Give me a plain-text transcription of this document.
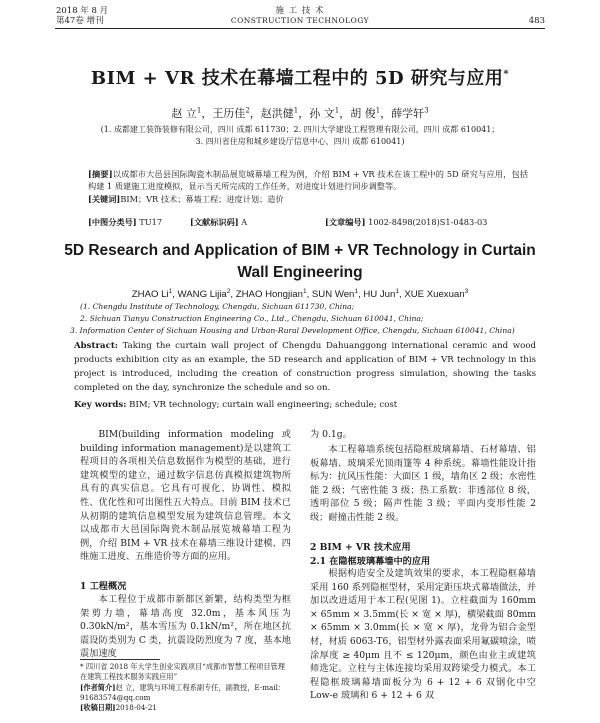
2018 年 8 月
第47卷 增刊
施 工 技 术
CONSTRUCTION TECHNOLOGY	483
BIM + VR 技术在幕墙工程中的 5D 研究与应用*
赵 立$^1$，王历佳$^2$，赵洪健$^1$，孙 文$^1$，胡 俊$^1$，薛学轩$^3$
(1. 成都建工装饰装修有限公司，四川 成都 611730；2. 四川大学建设工程管理有限公司，四川 成都 610041；
3. 四川省住房和城乡建设厅信息中心，四川 成都 610041)
[摘要]以成都市大邑县国际陶瓷木制品展览城幕墙工程为例，介绍 BIM + VR 技术在该工程中的 5D 研究与应用，包括构建 1 质建施工进度模拟，显示当天所完成的工作任务，对进度计划进行同步调整等。
[关键词]BIM；VR 技术；幕墙工程；进度计划；造价
[中图分类号] TU17	[文献标识码] A	[文章编号] 1002-8498(2018)S1-0483-03
5D Research and Application of BIM + VR Technology in Curtain Wall Engineering
ZHAO Li$^1$, WANG Lijia$^2$, ZHAO Hongjian$^1$, SUN Wen$^1$, HU Jun$^1$, XUE Xuexuan$^3$
(1. Chengdu Institute of Technology, Chengdu, Sichuan 611730, China;
2. Sichuan Tianyu Construction Engineering Co., Ltd., Chengdu, Sichuan 610041, China;
3. Information Center of Sichuan Housing and Urban-Rural Development Office, Chengdu, Sichuan 610041, China)
Abstract: Taking the curtain wall project of Chengdu Dahuanggong international ceramic and wood products exhibition city as an example, the 5D research and application of BIM + VR technology in this project is introduced, including the creation of construction progress simulation, showing the tasks completed on the day, synchronize the schedule and so on.
Key words: BIM; VR technology; curtain wall engineering; schedule; cost
BIM(building information modeling 或 building information management)是以建筑工程项目的各项相关信息数据作为模型的基础，进行建筑模型的建立，通过数字信息仿真模拟建筑物所具有的真实信息。它具有可视化、协调性、模拟性、优化性和可出图性五大特点。目前 BIM 技术已从初期的建筑信息模型发展为建筑信息管理。本文以成都市大邑国际陶瓷木制品展览城幕墙工程为例，介绍 BIM + VR 技术在幕墙三维设计建模、四维施工进度、五维造价等方面的应用。
1 工程概况
本工程位于成都市新都区新繁，结构类型为框架剪力墙，幕墙高度 32.0m，基本风压为 0.30kN/m²，基本雪压为 0.1kN/m²，所在地区抗震设防类别为 C 类，抗震设防烈度为 7 度，基本地震加速度
* 四川省 2018 年大学生创业实践项目“成都市智慧工程项目管理在建筑工程技术服务实践应用”
[作者简介]赵 立，建筑与环境工程系副专任，副教授，E-mail：91683574@qq.com
[收稿日期]2018-04-21
为 0.1g。
本工程幕墙系统包括隐框玻璃幕墙、石材幕墙、铝板幕墙、玻璃采光顶雨篷等 4 种系统。幕墙性能设计指标为：抗风压性能：大面区 1 级，墙角区 2 级；水密性能 2 级；气密性能 3 级；热工系数：非透部位 8 级，透明部位 5 级；隔声性能 3 级；平面内变形性能 2 级；耐撞击性能 2 级。
2 BIM + VR 技术应用
2.1 在隐框玻璃幕墙中的应用
根据构造安全及建筑效果的要求，本工程隐框幕墙采用 160 系列隐框型材，采用定距压块式幕墙做法，并加以改进适用于本工程(见图 1)。立柱截面为 160mm × 65mm × 3.5mm(长 × 宽 × 厚)，横梁截面 80mm × 65mm × 3.0mm(长 × 宽 × 厚)，龙骨为铝合金型材，材质 6063-T6，铝型材外露表面采用氟碳喷涂，喷涂厚度 ≥ 40μm 且不 ≤ 120μm，颜色由业主或建筑师选定。立柱与主体连接均采用双跨梁受力模式。本工程隐框玻璃幕墙面板分为 6 + 12 + 6 双钢化中空 Low-e 玻璃和 6 + 12 + 6 双
